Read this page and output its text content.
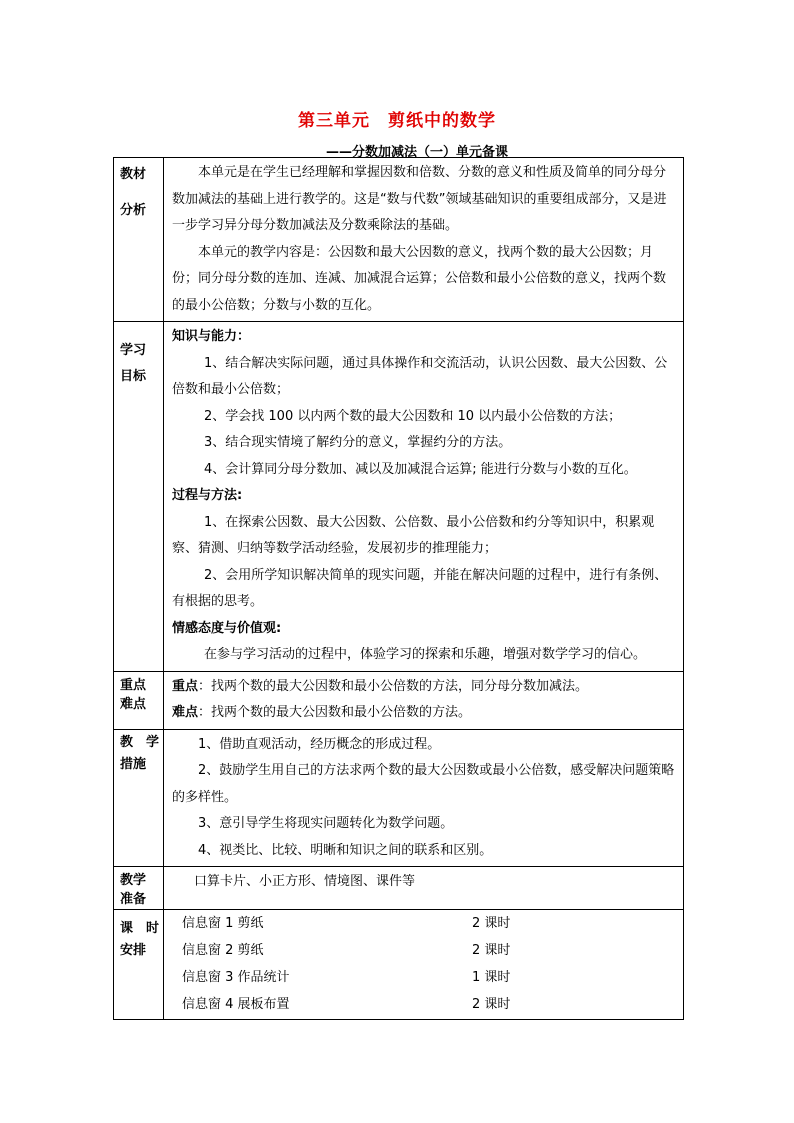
第三单元　剪纸中的数学
——分数加减法（一）单元备课
教材
分析

本单元是在学生已经理解和掌握因数和倍数、分数的意义和性质及简单的同分母分数加减法的基础上进行教学的。这是“数与代数”领域基础知识的重要组成部分，又是进一步学习异分母分数加减法及分数乘除法的基础。

本单元的教学内容是：公因数和最大公因数的意义，找两个数的最大公因数；月份；同分母分数的连加、连减、加减混合运算；公倍数和最小公倍数的意义，找两个数的最小公倍数；分数与小数的互化。

学习
目标

知识与能力：

1、结合解决实际问题，通过具体操作和交流活动，认识公因数、最大公因数、公倍数和最小公倍数；

2、学会找 100 以内两个数的最大公因数和 10 以内最小公倍数的方法；

3、结合现实情境了解约分的意义，掌握约分的方法。

4、会计算同分母分数加、减以及加减混合运算; 能进行分数与小数的互化。

过程与方法:

1、在探索公因数、最大公因数、公倍数、最小公倍数和约分等知识中，积累观察、猜测、归纳等数学活动经验，发展初步的推理能力；

2、会用所学知识解决简单的现实问题，并能在解决问题的过程中，进行有条例、有根据的思考。

情感态度与价值观:

在参与学习活动的过程中，体验学习的探索和乐趣，增强对数学学习的信心。

重点
难点

重点：找两个数的最大公因数和最小公倍数的方法，同分母分数加减法。

难点：找两个数的最大公因数和最小公倍数的方法。

教　学
措施

1、借助直观活动，经历概念的形成过程。

2、鼓励学生用自己的方法求两个数的最大公因数或最小公倍数，感受解决问题策略的多样性。

3、意引导学生将现实问题转化为数学问题。

4、视类比、比较、明晰和知识之间的联系和区别。

教学
准备

口算卡片、小正方形、情境图、课件等

课　时
安排

信息窗 1 剪纸	2 课时
信息窗 2 剪纸	2 课时
信息窗 3 作品统计	1 课时
信息窗 4 展板布置	2 课时
